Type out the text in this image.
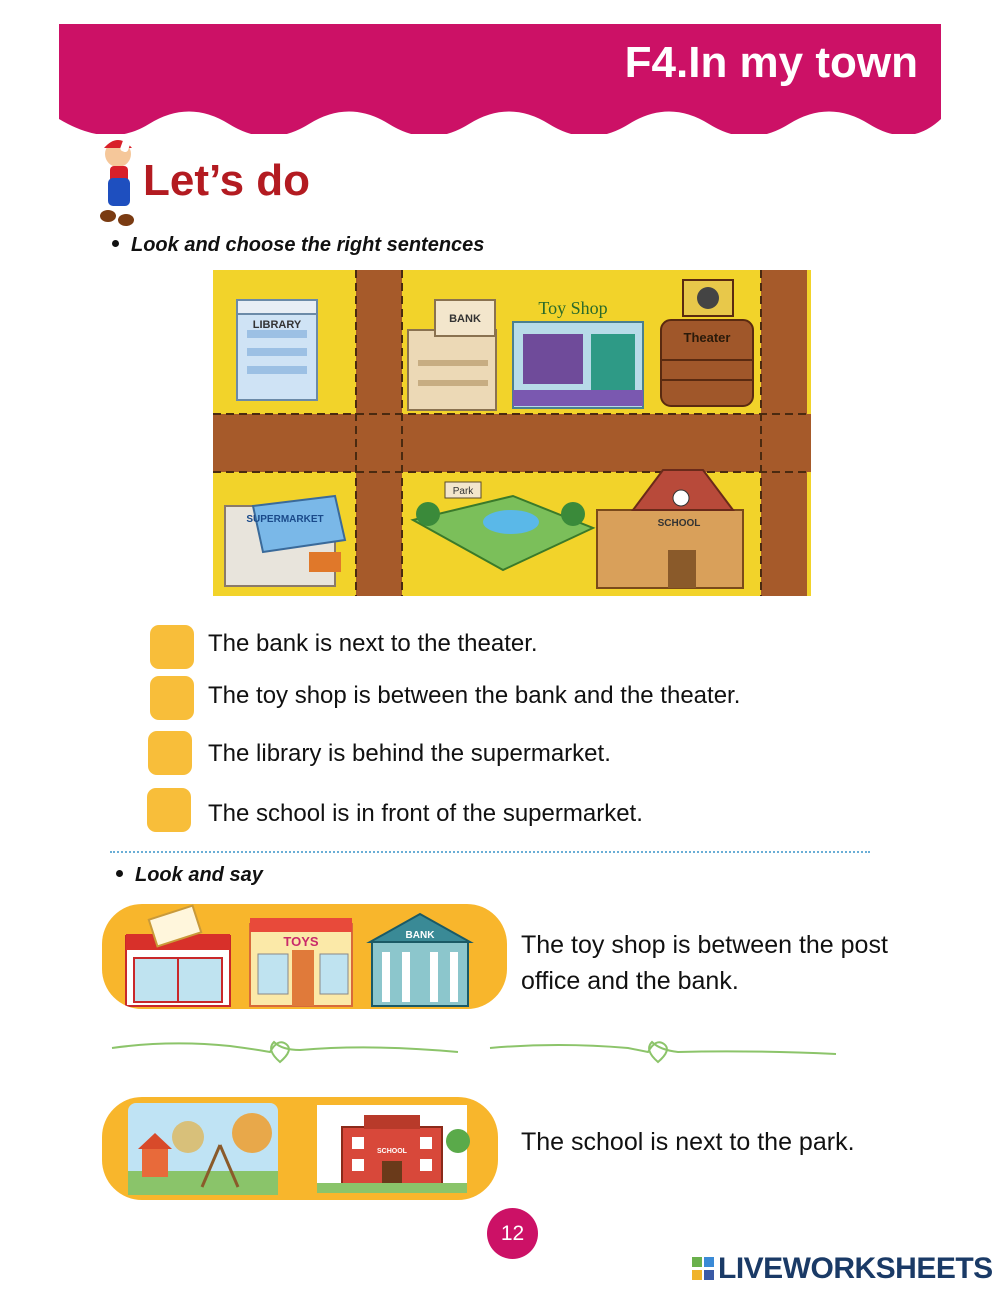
F4.In my town
Let’s do
Look and choose the right sentences
LIBRARY	BANK
Toy Shop
Theater
SUPERMARKET
Park
SCHOOL
The bank is next to the theater.
The toy shop is between the bank and the theater.
The library is behind the supermarket.
The school is in front of the supermarket.
Look and say
TOYS	BANK	The toy shop is between the post
office and the bank.
SCHOOL	The school is next to the park.
12
LIVEWORKSHEETS
